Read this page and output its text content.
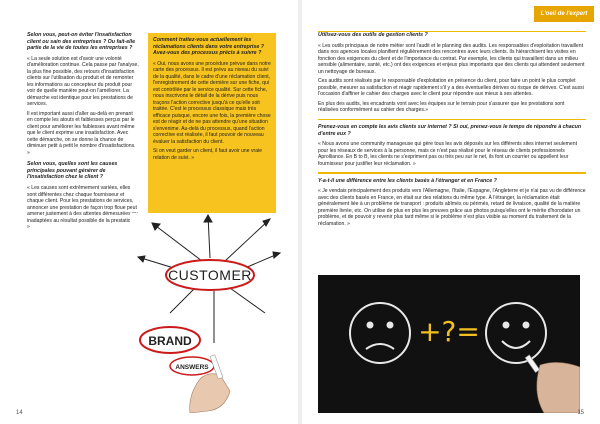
Selon vous, peut-on éviter l'insatisfaction client ou sain des entreprises ? Ou fait-elle partie de la vie de toutes les entreprises ?

« La seule solution est d'avoir une volonté d'amélioration continue. Cela passe par l'analyse, la plus fine possible, des retours d'insatisfaction clients sur l'utilisation du produit et de remonter les informations au concepteur du produit pour voir de quelle manière peut-on l'améliorer. La démarche est identique pour les prestations de services.

Il est important aussi d'aller au-delà en prenant en compte les atouts et faiblesses perçus par le client pour améliorer les faiblesses avant même que le client exprime une insatisfaction. Avec cette démarche, on se donne la chance de diminuer petit à petit le nombre d'insatisfactions. »

Selon vous, quelles sont les causes principales pouvant générer de l'insatisfaction chez le client ?

« Les causes sont extrêmement variées, elles sont différentes chez chaque fournisseur et chaque client. Pour les prestations de services, annoncer une prestation de façon trop floue peut amener justement à des attentes démesurées ou inadaptées au résultat possible de la prestation. »

Comment traitez-vous actuellement les réclamations clients dans votre entreprise ? Avez-vous des processus précis à suivre ?

« Oui, nous avons une procédure prévue dans notre carte des processus. Il est prévu au niveau du suivi de la qualité, dans le cadre d'une réclamation client, l'enregistrement de cette dernière sur une fiche, qui est contrôlée par le service qualité. Sur cette fiche, nous inscrivons le détail de la dérive puis nous traçons l'action corrective jusqu'à ce qu'elle soit traitée. C'est le processus classique mais très efficace puisque, encore une fois, la première chose est de réagir et de ne pas attendre qu'une situation s'envenime. Au-delà du processus, quand l'action corrective est réalisée, il faut pouvoir de nouveau évaluer la satisfaction du client.

Si on veut garder un client, il faut avoir une vraie relation de suivi. »

CUSTOMER
BRAND
ANSWERS
14
L'oeil de l'expert

Utilisez-vous des outils de gestion clients ?

« Les outils principaux de notre métier sont l'audit et le planning des audits. Les responsables d'exploitation travaillent dans nos agences locales planifient régulièrement des rencontres avec leurs clients. Ils hiérarchisent les visites en fonction des exigences du client et de l'importance du contrat. Par exemple, les clients qui travaillent dans un milieu sensible (alimentaire, santé, etc.) ont des exigences et enjeux plus importants que des clients qui attendent seulement un nettoyage de bureaux.

Ces audits sont réalisés par le responsable d'exploitation en présence du client, pour faire un point le plus complet possible, mesurer sa satisfaction et réagir rapidement s'il y a des éventuelles dérives ou risque de dérives. C'est aussi l'occasion d'affiner le cahier des charges avec le client pour répondre aux mieux à ses attentes.

En plus des audits, les encadrants vont avec les équipes sur le terrain pour s'assurer que les prestations sont réalisées conformément au cahier des charges.»

Prenez-vous en compte les avis clients sur internet ? Si oui, prenez-vous le temps de répondre à chacun d'entre eux ?

« Nous avons une community manageuse qui gère tous les avis déposés sur les différents sites internet seulement pour les réseaux de services à la personne, mais ce n'est pas réalisé pour le réseau de clients professionnels Aprolliance. En B to B, les clients ne s'expriment pas ou très peu sur le net, ils font un courrier ou appellent leur fournisseur pour justifier leur réclamation. »

Y-a-t-il une différence entre les clients basés à l'étranger et en France ?

« Je vendais principalement des produits vers l'Allemagne, l'Italie, l'Espagne, l'Angleterre et je n'ai pas vu de différence avec des clients basés en France, en était sur des relations du même type. À l'étranger, la réclamation était généralement liée à un problème de transport : produits abîmés ou périmés, retard de livraison, qualité de la matière première livrée, etc. On utilise de plus en plus les preuves grâce aux photos puisqu'elles ont le mérite d'horodater un problème, et de pouvoir y revenir plus tard même si le problème n'est plus visible au moment du traitement de la réclamation. »

+?=
15
